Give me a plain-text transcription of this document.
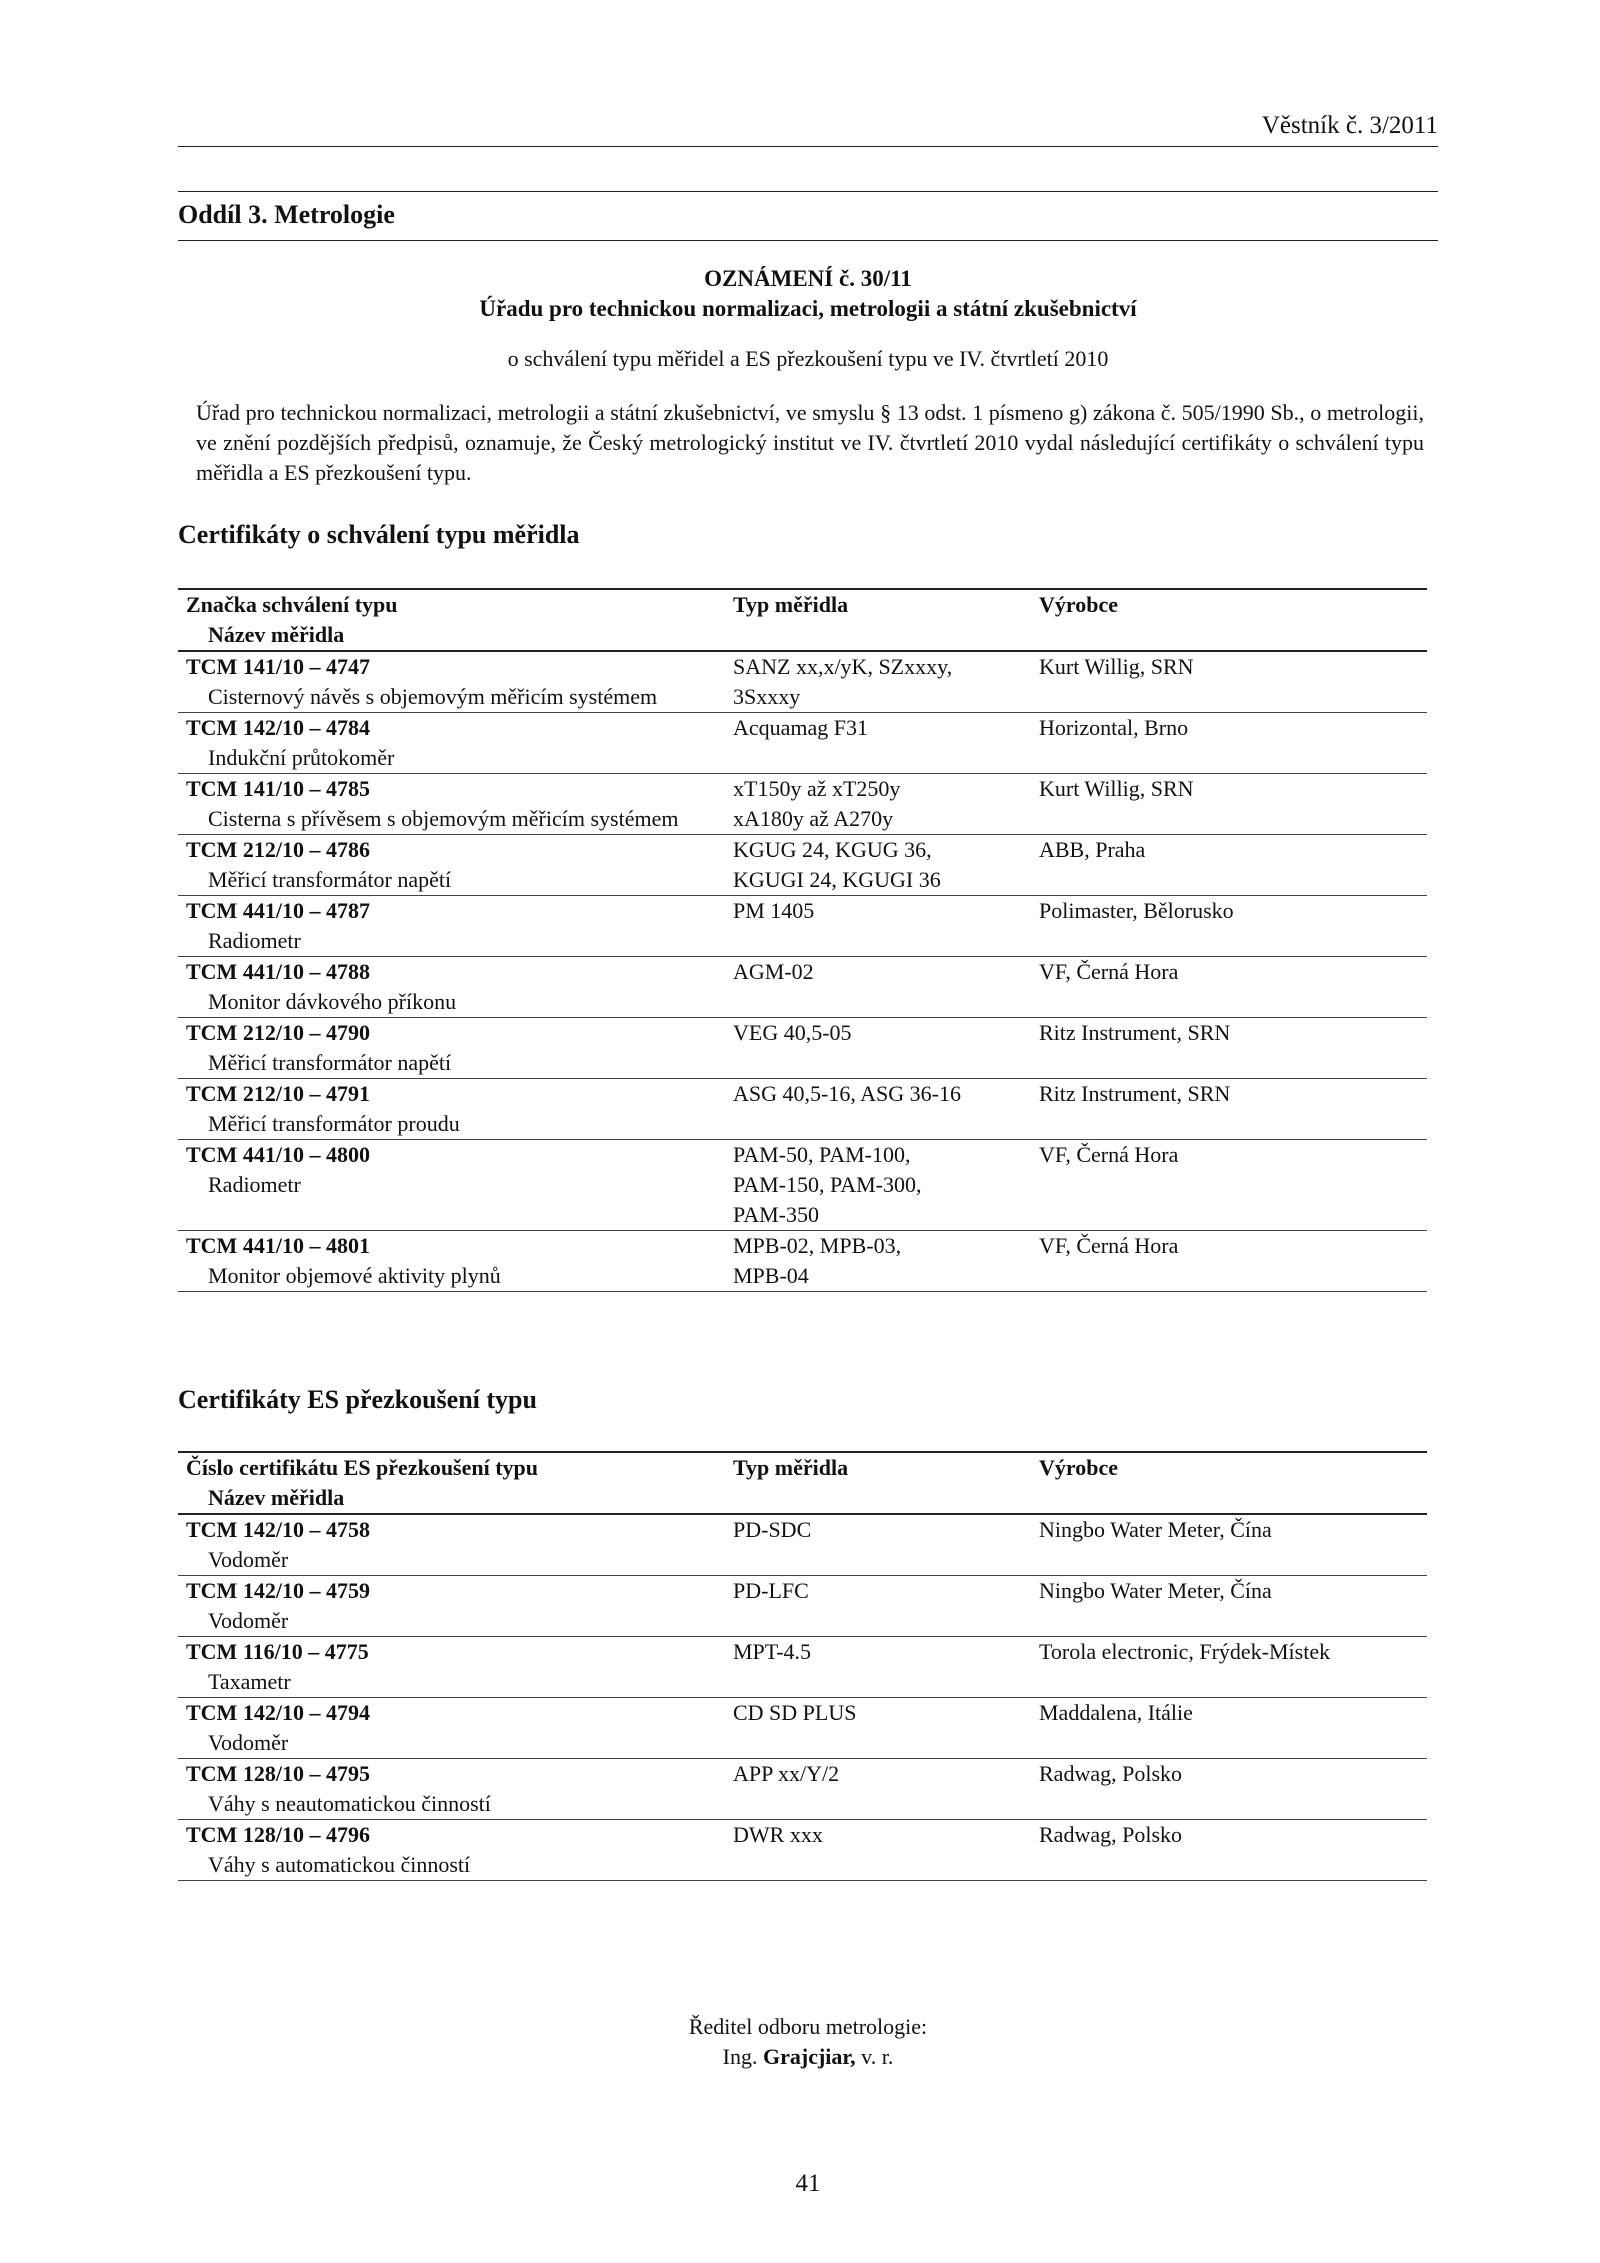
Věstník č. 3/2011
Oddíl 3. Metrologie
OZNÁMENÍ č. 30/11
Úřadu pro technickou normalizaci, metrologii a státní zkušebnictví
o schválení typu měřidel a ES přezkoušení typu ve IV. čtvrtletí 2010
Úřad pro technickou normalizaci, metrologii a státní zkušebnictví, ve smyslu § 13 odst. 1 písmeno g) zákona č. 505/1990 Sb., o metrologii, ve znění pozdějších předpisů, oznamuje, že Český metrologický institut ve IV. čtvrtletí 2010 vydal následující certifikáty o schválení typu měřidla a ES přezkoušení typu.
Certifikáty o schválení typu měřidla
Značka schválení typu
Název měřidla	Typ měřidla	Výrobce

TCM 141/10 – 4747
Cisternový návěs s objemovým měřicím systémem	SANZ xx,x/yK, SZxxxy,
3Sxxxy	Kurt Willig, SRN

TCM 142/10 – 4784
Indukční průtokoměr	Acquamag F31	Horizontal, Brno

TCM 141/10 – 4785
Cisterna s přívěsem s objemovým měřicím systémem	xT150y až xT250y
xA180y až A270y	Kurt Willig, SRN

TCM 212/10 – 4786
Měřicí transformátor napětí	KGUG 24, KGUG 36,
KGUGI 24, KGUGI 36	ABB, Praha

TCM 441/10 – 4787
Radiometr	PM 1405	Polimaster, Bělorusko

TCM 441/10 – 4788
Monitor dávkového příkonu	AGM-02	VF, Černá Hora

TCM 212/10 – 4790
Měřicí transformátor napětí	VEG 40,5-05	Ritz Instrument, SRN

TCM 212/10 – 4791
Měřicí transformátor proudu	ASG 40,5-16, ASG 36-16	Ritz Instrument, SRN

TCM 441/10 – 4800
Radiometr	PAM-50, PAM-100,
PAM-150, PAM-300,
PAM-350	VF, Černá Hora

TCM 441/10 – 4801
Monitor objemové aktivity plynů	MPB-02, MPB-03,
MPB-04	VF, Černá Hora
Certifikáty ES přezkoušení typu
Číslo certifikátu ES přezkoušení typu
Název měřidla	Typ měřidla	Výrobce

TCM 142/10 – 4758
Vodoměr	PD-SDC	Ningbo Water Meter, Čína

TCM 142/10 – 4759
Vodoměr	PD-LFC	Ningbo Water Meter, Čína

TCM 116/10 – 4775
Taxametr	MPT-4.5	Torola electronic, Frýdek-Místek

TCM 142/10 – 4794
Vodoměr	CD SD PLUS	Maddalena, Itálie

TCM 128/10 – 4795
Váhy s neautomatickou činností	APP xx/Y/2	Radwag, Polsko

TCM 128/10 – 4796
Váhy s automatickou činností	DWR xxx	Radwag, Polsko
Ředitel odboru metrologie:
Ing. Grajcjiar, v. r.
41
